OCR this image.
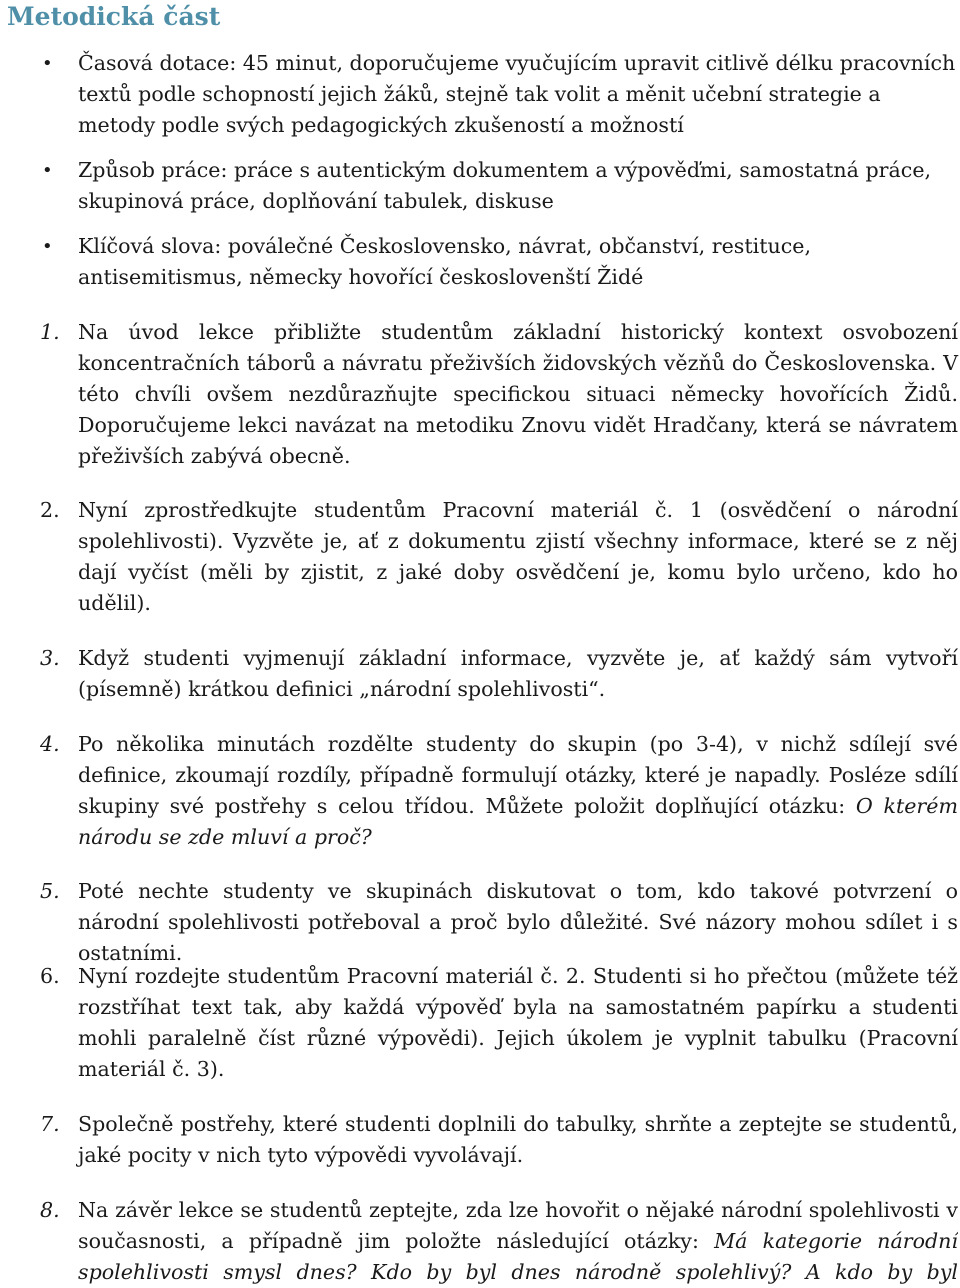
Metodická část
•	Časová dotace: 45 minut, doporučujeme vyučujícím upravit citlivě délku pracovních textů podle schopností jejich žáků, stejně tak volit a měnit učební strategie a metody podle svých pedagogických zkušeností a možností
•	Způsob práce: práce s autentickým dokumentem a výpověďmi, samostatná práce, skupinová práce, doplňování tabulek, diskuse
•	Klíčová slova: poválečné Československo, návrat, občanství, restituce, antisemitismus, německy hovořící českoslovenští Židé
1. Na úvod lekce přibližte studentům základní historický kontext osvobození koncentračních táborů a návratu přeživších židovských vězňů do Československa. V této chvíli ovšem nezdůrazňujte specifickou situaci německy hovořících Židů. Doporučujeme lekci navázat na metodiku Znovu vidět Hradčany, která se návratem přeživších zabývá obecně.
2. Nyní zprostředkujte studentům Pracovní materiál č. 1 (osvědčení o národní spolehlivosti). Vyzvěte je, ať z dokumentu zjistí všechny informace, které se z něj dají vyčíst (měli by zjistit, z jaké doby osvědčení je, komu bylo určeno, kdo ho udělil).
3. Když studenti vyjmenují základní informace, vyzvěte je, ať každý sám vytvoří (písemně) krátkou definici „národní spolehlivosti“.
4. Po několika minutách rozdělte studenty do skupin (po 3-4), v nichž sdílejí své definice, zkoumají rozdíly, případně formulují otázky, které je napadly. Posléze sdílí skupiny své postřehy s celou třídou. Můžete položit doplňující otázku: O kterém národu se zde mluví a proč?
5. Poté nechte studenty ve skupinách diskutovat o tom, kdo takové potvrzení o národní spolehlivosti potřeboval a proč bylo důležité. Své názory mohou sdílet i s ostatními.
6. Nyní rozdejte studentům Pracovní materiál č. 2. Studenti si ho přečtou (můžete též rozstříhat text tak, aby každá výpověď byla na samostatném papírku a studenti mohli paralelně číst různé výpovědi). Jejich úkolem je vyplnit tabulku (Pracovní materiál č. 3).
7. Společně postřehy, které studenti doplnili do tabulky, shrňte a zeptejte se studentů, jaké pocity v nich tyto výpovědi vyvolávají.
8. Na závěr lekce se studentů zeptejte, zda lze hovořit o nějaké národní spolehlivosti v současnosti, a případně jim položte následující otázky: Má kategorie národní spolehlivosti smysl dnes? Kdo by byl dnes národně spolehlivý? A kdo by byl
